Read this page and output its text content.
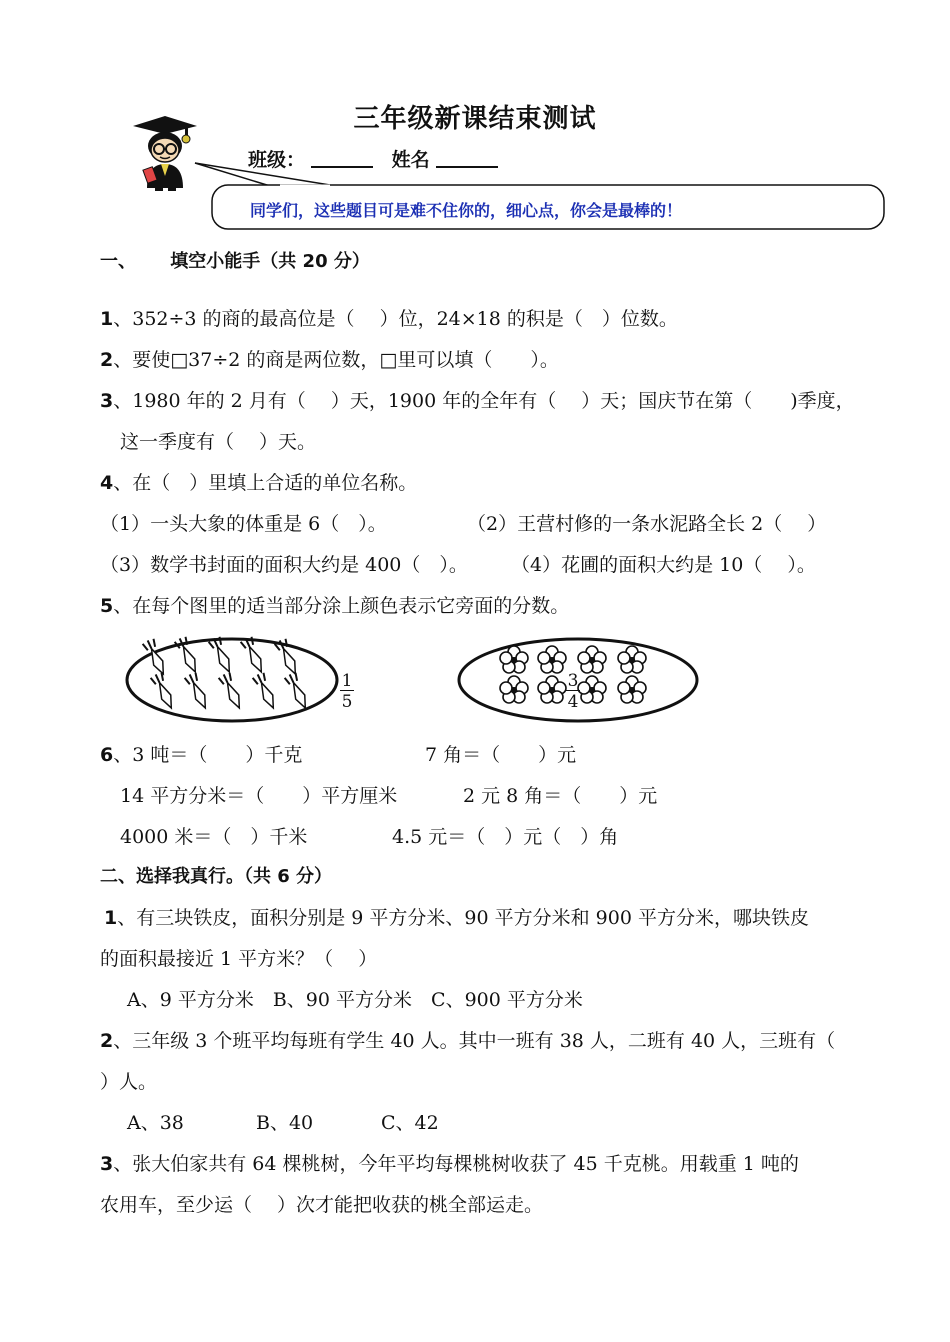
三年级新课结束测试
班级：	姓名
同学们，这些题目可是难不住你的，细心点，你会是最棒的！
一、 填空小能手（共 20 分）
1、352÷3 的商的最高位是（　 ）位，24×18 的积是（　）位数。
2、要使□37÷2 的商是两位数，□里可以填（　　）。
3、1980 年的 2 月有（　 ）天，1900 年的全年有（　 ）天；国庆节在第（　　)季度，
这一季度有（　 ）天。
4、在（　）里填上合适的单位名称。
（1）一头大象的体重是 6（　）。	（2）王营村修的一条水泥路全长 2（　 ）
（3）数学书封面的面积大约是 400（　）。 （4）花圃的面积大约是 10（　 ）。
5、在每个图里的适当部分涂上颜色表示它旁面的分数。
1
5
3
4
6、3 吨＝（　　）千克	7 角＝（　　）元
14 平方分米＝（　　）平方厘米	2 元 8 角＝（　　）元
4000 米＝（　）千米	4.5 元＝（　）元（　）角
二、选择我真行。（共 6 分）
1、有三块铁皮，面积分别是 9 平方分米、90 平方分米和 900 平方分米，哪块铁皮
的面积最接近 1 平方米？（　 ）
A、9 平方分米　B、90 平方分米　C、900 平方分米
2、三年级 3 个班平均每班有学生 40 人。其中一班有 38 人，二班有 40 人，三班有（
）人。
A、38	B、40	C、42
3、张大伯家共有 64 棵桃树，今年平均每棵桃树收获了 45 千克桃。用载重 1 吨的
农用车，至少运（　 ）次才能把收获的桃全部运走。
